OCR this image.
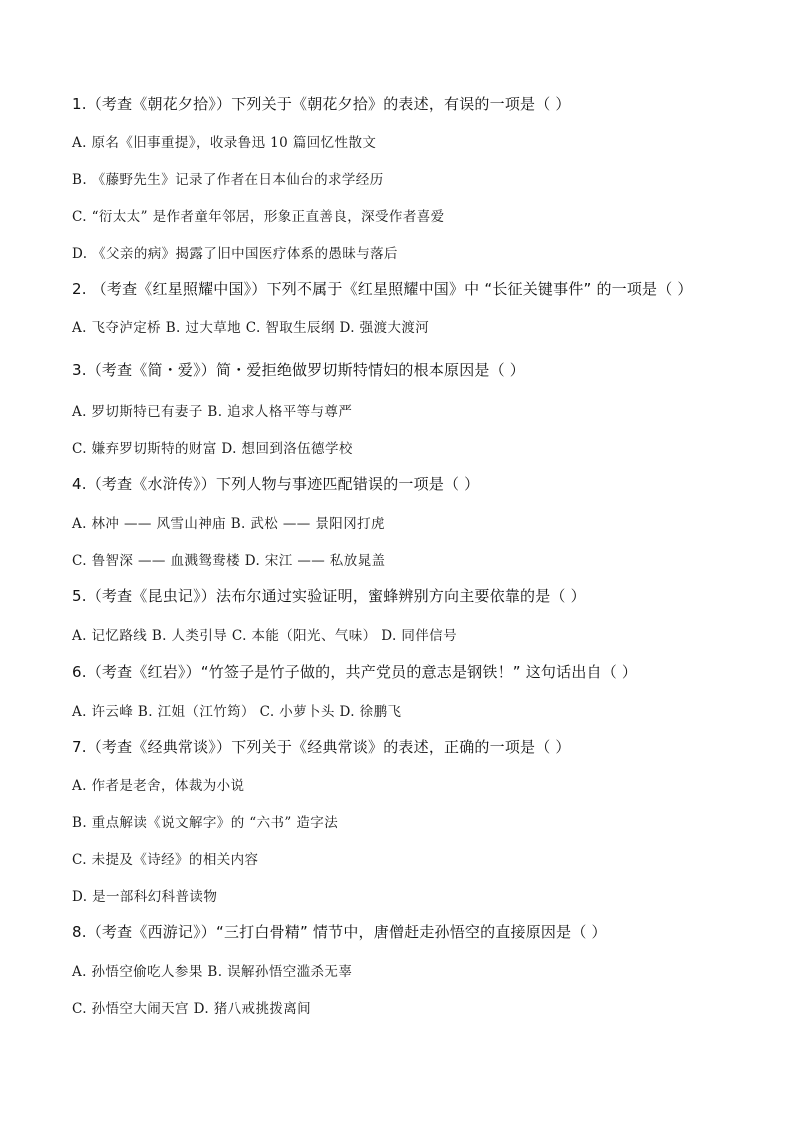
1.（考查《朝花夕拾》）下列关于《朝花夕拾》的表述，有误的一项是（ ）
A. 原名《旧事重提》，收录鲁迅 10 篇回忆性散文
B. 《藤野先生》记录了作者在日本仙台的求学经历
C. “衍太太” 是作者童年邻居，形象正直善良，深受作者喜爱
D. 《父亲的病》揭露了旧中国医疗体系的愚昧与落后
2. （考查《红星照耀中国》）下列不属于《红星照耀中国》中 “长征关键事件” 的一项是（ ）
A. 飞夺泸定桥 B. 过大草地 C. 智取生辰纲 D. 强渡大渡河
3.（考查《简・爱》）简・爱拒绝做罗切斯特情妇的根本原因是（ ）
A. 罗切斯特已有妻子 B. 追求人格平等与尊严
C. 嫌弃罗切斯特的财富 D. 想回到洛伍德学校
4.（考查《水浒传》）下列人物与事迹匹配错误的一项是（ ）
A. 林冲 —— 风雪山神庙 B. 武松 —— 景阳冈打虎
C. 鲁智深 —— 血溅鸳鸯楼 D. 宋江 —— 私放晁盖
5.（考查《昆虫记》）法布尔通过实验证明，蜜蜂辨别方向主要依靠的是（ ）
A. 记忆路线 B. 人类引导 C. 本能（阳光、气味） D. 同伴信号
6.（考查《红岩》）“竹签子是竹子做的，共产党员的意志是钢铁！” 这句话出自（ ）
A. 许云峰 B. 江姐（江竹筠） C. 小萝卜头 D. 徐鹏飞
7.（考查《经典常谈》）下列关于《经典常谈》的表述，正确的一项是（ ）
A. 作者是老舍，体裁为小说
B. 重点解读《说文解字》的 “六书” 造字法
C. 未提及《诗经》的相关内容
D. 是一部科幻科普读物
8.（考查《西游记》）“三打白骨精” 情节中，唐僧赶走孙悟空的直接原因是（ ）
A. 孙悟空偷吃人参果 B. 误解孙悟空滥杀无辜
C. 孙悟空大闹天宫 D. 猪八戒挑拨离间
